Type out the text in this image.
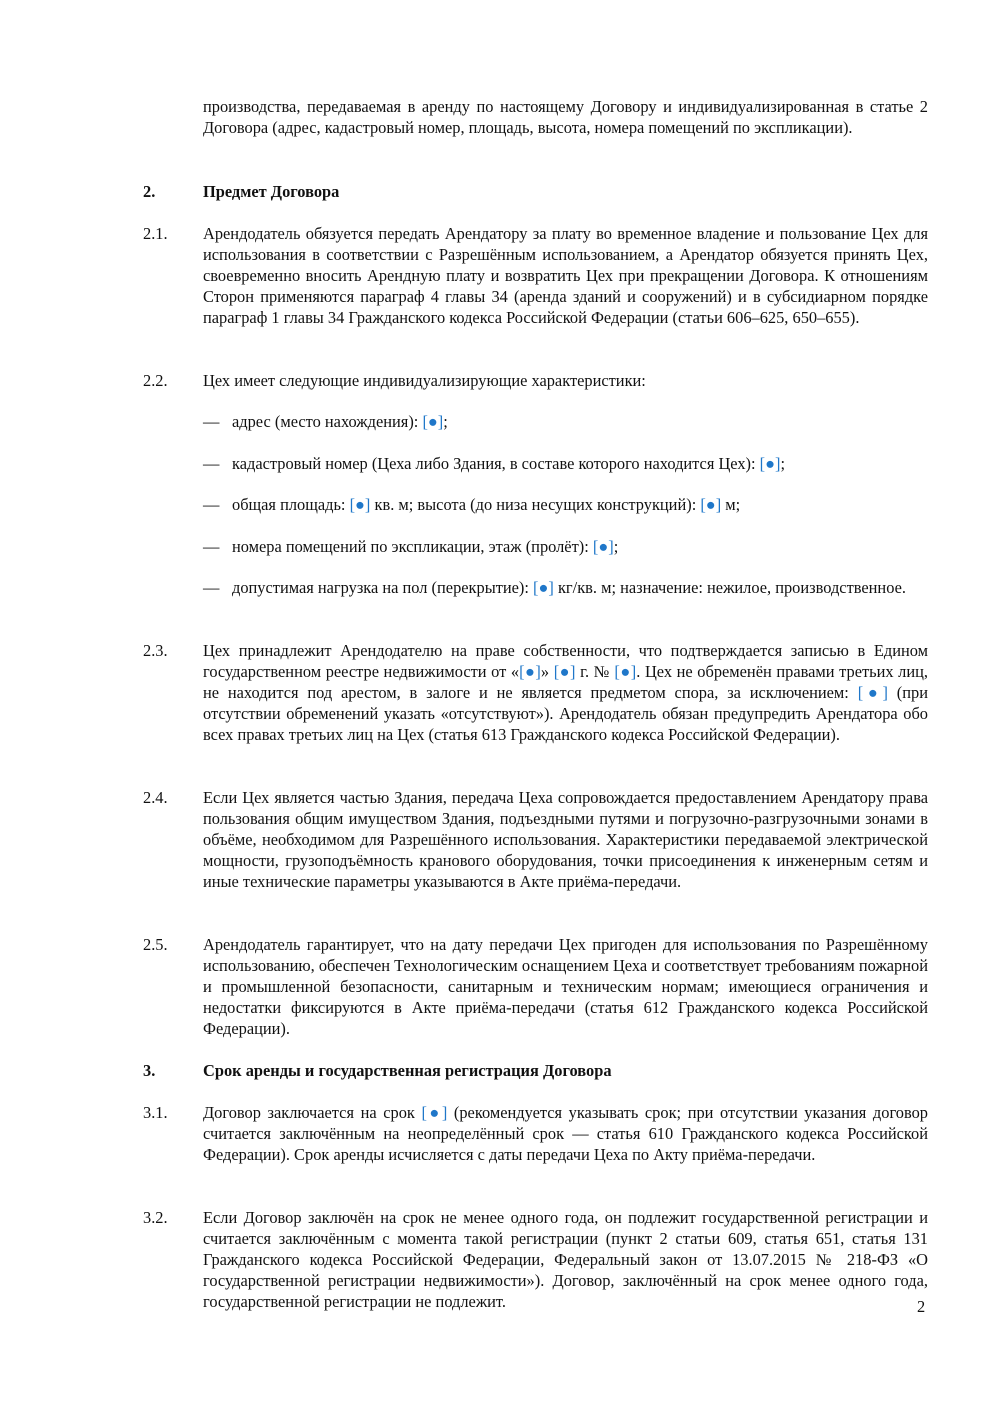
производства, передаваемая в аренду по настоящему Договору и индивидуализированная в статье 2 Договора (адрес, кадастровый номер, площадь, высота, номера помещений по экспликации).

2.	Предмет Договора

2.1. Арендодатель обязуется передать Арендатору за плату во временное владение и пользование Цех для использования в соответствии с Разрешённым использованием, а Арендатор обязуется принять Цех, своевременно вносить Арендную плату и возвратить Цех при прекращении Договора. К отношениям Сторон применяются параграф 4 главы 34 (аренда зданий и сооружений) и в субсидиарном порядке параграф 1 главы 34 Гражданского кодекса Российской Федерации (статьи 606–625, 650–655).

2.2. Цех имеет следующие индивидуализирующие характеристики:

— адрес (место нахождения): [●];

— кадастровый номер (Цеха либо Здания, в составе которого находится Цех): [●];

— общая площадь: [●] кв. м; высота (до низа несущих конструкций): [●] м;

— номера помещений по экспликации, этаж (пролёт): [●];

— допустимая нагрузка на пол (перекрытие): [●] кг/кв. м; назначение: нежилое, производственное.

2.3. Цех принадлежит Арендодателю на праве собственности, что подтверждается записью в Едином государственном реестре недвижимости от «[●]» [●] г. № [●]. Цех не обременён правами третьих лиц, не находится под арестом, в залоге и не является предметом спора, за исключением: [●] (при отсутствии обременений указать «отсутствуют»). Арендодатель обязан предупредить Арендатора обо всех правах третьих лиц на Цех (статья 613 Гражданского кодекса Российской Федерации).

2.4. Если Цех является частью Здания, передача Цеха сопровождается предоставлением Арендатору права пользования общим имуществом Здания, подъездными путями и погрузочно-разгрузочными зонами в объёме, необходимом для Разрешённого использования. Характеристики передаваемой электрической мощности, грузоподъёмность кранового оборудования, точки присоединения к инженерным сетям и иные технические параметры указываются в Акте приёма-передачи.

2.5. Арендодатель гарантирует, что на дату передачи Цех пригоден для использования по Разрешённому использованию, обеспечен Технологическим оснащением Цеха и соответствует требованиям пожарной и промышленной безопасности, санитарным и техническим нормам; имеющиеся ограничения и недостатки фиксируются в Акте приёма-передачи (статья 612 Гражданского кодекса Российской Федерации).

3.	Срок аренды и государственная регистрация Договора

3.1. Договор заключается на срок [●] (рекомендуется указывать срок; при отсутствии указания договор считается заключённым на неопределённый срок — статья 610 Гражданского кодекса Российской Федерации). Срок аренды исчисляется с даты передачи Цеха по Акту приёма-передачи.

3.2. Если Договор заключён на срок не менее одного года, он подлежит государственной регистрации и считается заключённым с момента такой регистрации (пункт 2 статьи 609, статья 651, статья 131 Гражданского кодекса Российской Федерации, Федеральный закон от 13.07.2015 № 218-ФЗ «О государственной регистрации недвижимости»). Договор, заключённый на срок менее одного года, государственной регистрации не подлежит.	2
